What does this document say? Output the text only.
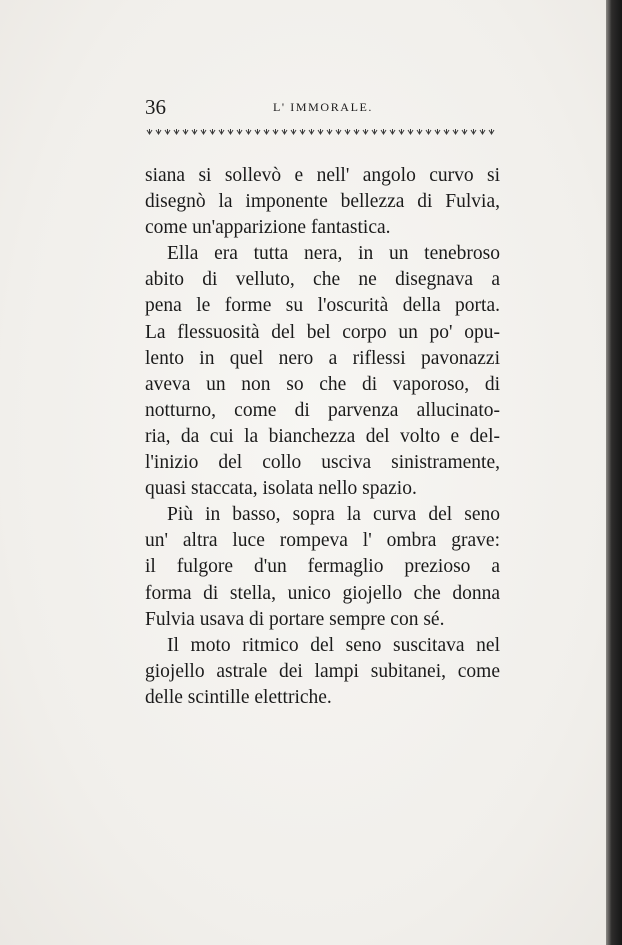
36	L' IMMORALE.

siana si sollevò e nell' angolo curvo si

disegnò la imponente bellezza di Fulvia,

come un'apparizione fantastica.

Ella era tutta nera, in un tenebroso

abito di velluto, che ne disegnava a

pena le forme su l'oscurità della porta.

La flessuosità del bel corpo un po' opu-

lento in quel nero a riflessi pavonazzi

aveva un non so che di vaporoso, di

notturno, come di parvenza allucinato-

ria, da cui la bianchezza del volto e del-

l'inizio del collo usciva sinistramente,

quasi staccata, isolata nello spazio.

Più in basso, sopra la curva del seno

un' altra luce rompeva l' ombra grave:

il fulgore d'un fermaglio prezioso a

forma di stella, unico giojello che donna

Fulvia usava di portare sempre con sé.

Il moto ritmico del seno suscitava nel

giojello astrale dei lampi subitanei, come

delle scintille elettriche.
